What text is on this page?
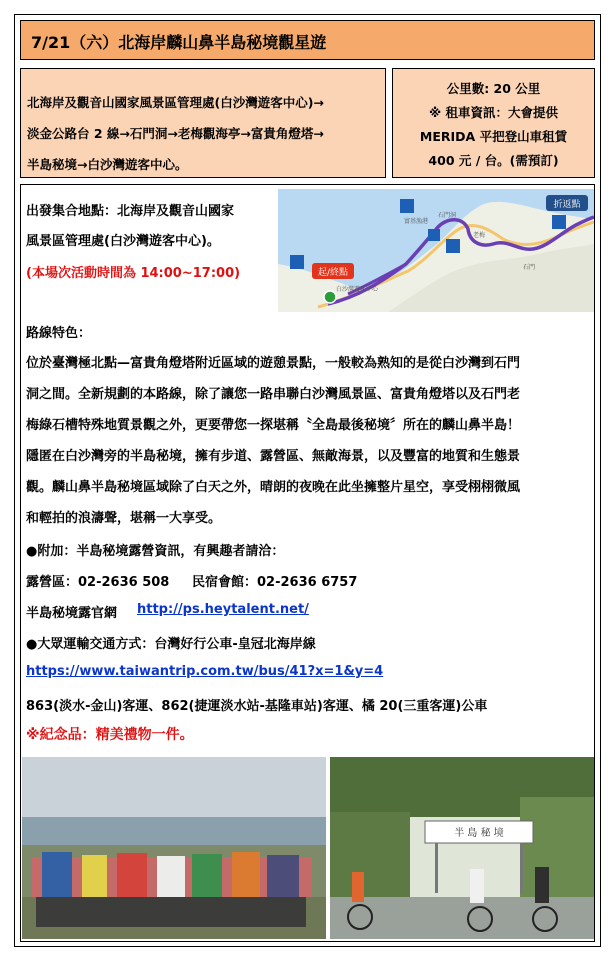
7/21（六）北海岸麟山鼻半島秘境觀星遊
北海岸及觀音山國家風景區管理處(白沙灣遊客中心)→
淡金公路台 2 線→石門洞→老梅觀海亭→富貴角燈塔→
半島秘境→白沙灣遊客中心。
公里數: 20 公里
※ 租車資訊：大會提供
MERIDA 平把登山車租賃
400 元 / 台。(需預訂)
出發集合地點：北海岸及觀音山國家
風景區管理處(白沙灣遊客中心)。
(本場次活動時間為 14:00~17:00)
折返點
起/終點
富基漁港
白沙灣遊客中心
石門
老梅
石門洞
路線特色：
位於臺灣極北點—富貴角燈塔附近區域的遊憩景點，一般較為熟知的是從白沙灣到石門
洞之間。全新規劃的本路線，除了讓您一路串聯白沙灣風景區、富貴角燈塔以及石門老
梅綠石槽特殊地質景觀之外，更要帶您一探堪稱〝全島最後秘境〞所在的麟山鼻半島！
隱匿在白沙灣旁的半島秘境，擁有步道、露營區、無敵海景，以及豐富的地質和生態景
觀。麟山鼻半島秘境區域除了白天之外，晴朗的夜晚在此坐擁整片星空，享受栩栩微風
和輕拍的浪濤聲，堪稱一大享受。
●附加：半島秘境露營資訊，有興趣者請洽：
露營區：02-2636 508 民宿會館：02-2636 6757
半島秘境露官網 http://ps.heytalent.net/
●大眾運輸交通方式：台灣好行公車-皇冠北海岸線
https://www.taiwantrip.com.tw/bus/41?x=1&y=4
863(淡水-金山)客運、862(捷運淡水站-基隆車站)客運、橘 20(三重客運)公車
※紀念品：精美禮物一件。
半 島 秘 境
